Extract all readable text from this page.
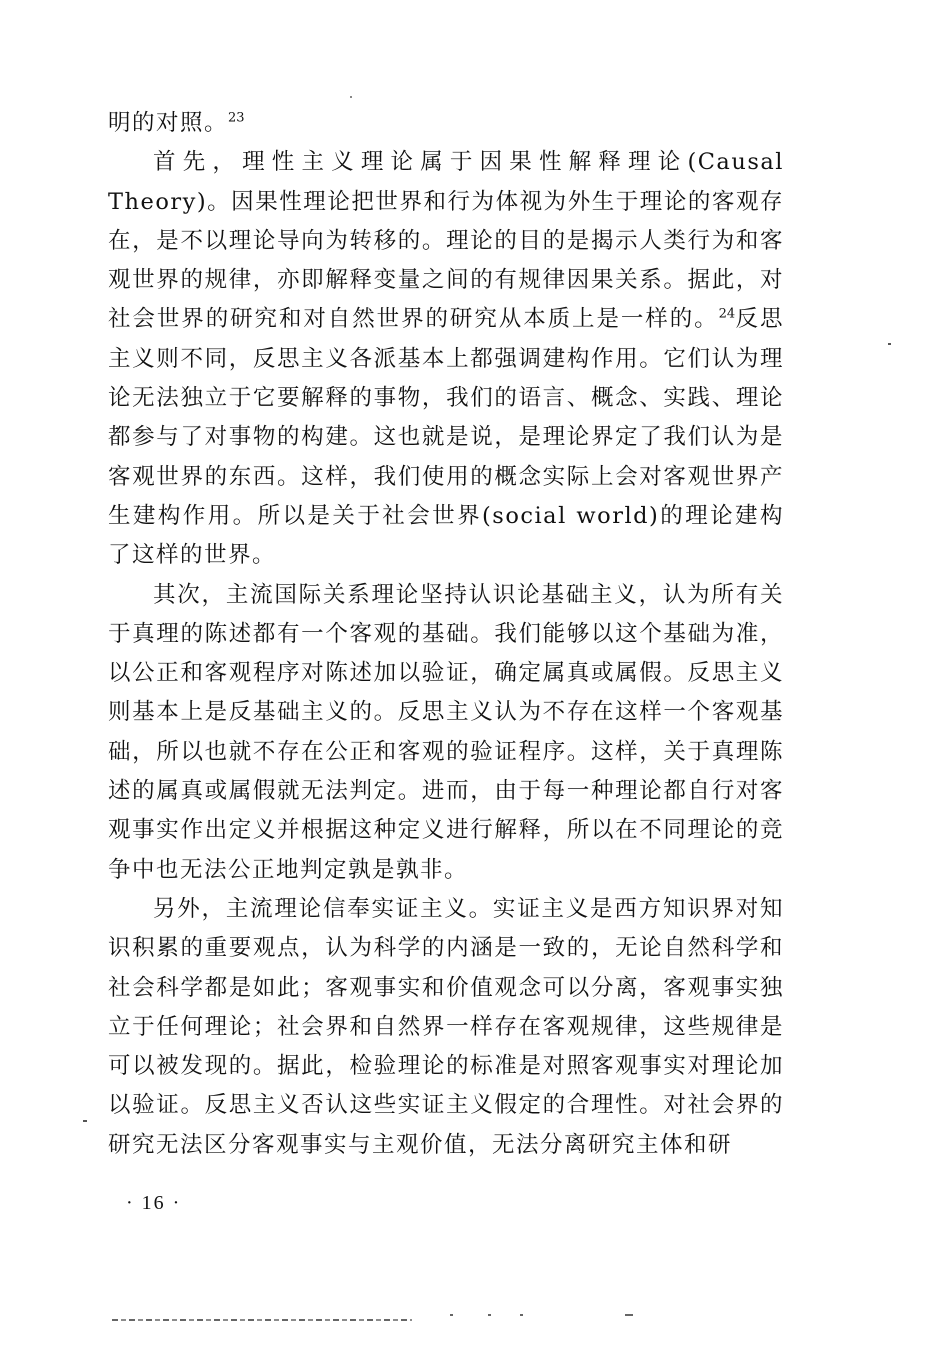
明的对照。$^{23}$

首先，理性主义理论属于因果性解释理论(Causal Theory)。因果性理论把世界和行为体视为外生于理论的客观存在，是不以理论导向为转移的。理论的目的是揭示人类行为和客观世界的规律，亦即解释变量之间的有规律因果关系。据此，对社会世界的研究和对自然世界的研究从本质上是一样的。$^{24}$反思主义则不同，反思主义各派基本上都强调建构作用。它们认为理论无法独立于它要解释的事物，我们的语言、概念、实践、理论都参与了对事物的构建。这也就是说，是理论界定了我们认为是客观世界的东西。这样，我们使用的概念实际上会对客观世界产生建构作用。所以是关于社会世界(social world)的理论建构了这样的世界。

其次，主流国际关系理论坚持认识论基础主义，认为所有关于真理的陈述都有一个客观的基础。我们能够以这个基础为准，以公正和客观程序对陈述加以验证，确定属真或属假。反思主义则基本上是反基础主义的。反思主义认为不存在这样一个客观基础，所以也就不存在公正和客观的验证程序。这样，关于真理陈述的属真或属假就无法判定。进而，由于每一种理论都自行对客观事实作出定义并根据这种定义进行解释，所以在不同理论的竞争中也无法公正地判定孰是孰非。

另外，主流理论信奉实证主义。实证主义是西方知识界对知识积累的重要观点，认为科学的内涵是一致的，无论自然科学和社会科学都是如此；客观事实和价值观念可以分离，客观事实独立于任何理论；社会界和自然界一样存在客观规律，这些规律是可以被发现的。据此，检验理论的标准是对照客观事实对理论加以验证。反思主义否认这些实证主义假定的合理性。对社会界的研究无法区分客观事实与主观价值，无法分离研究主体和研

· 16 ·
